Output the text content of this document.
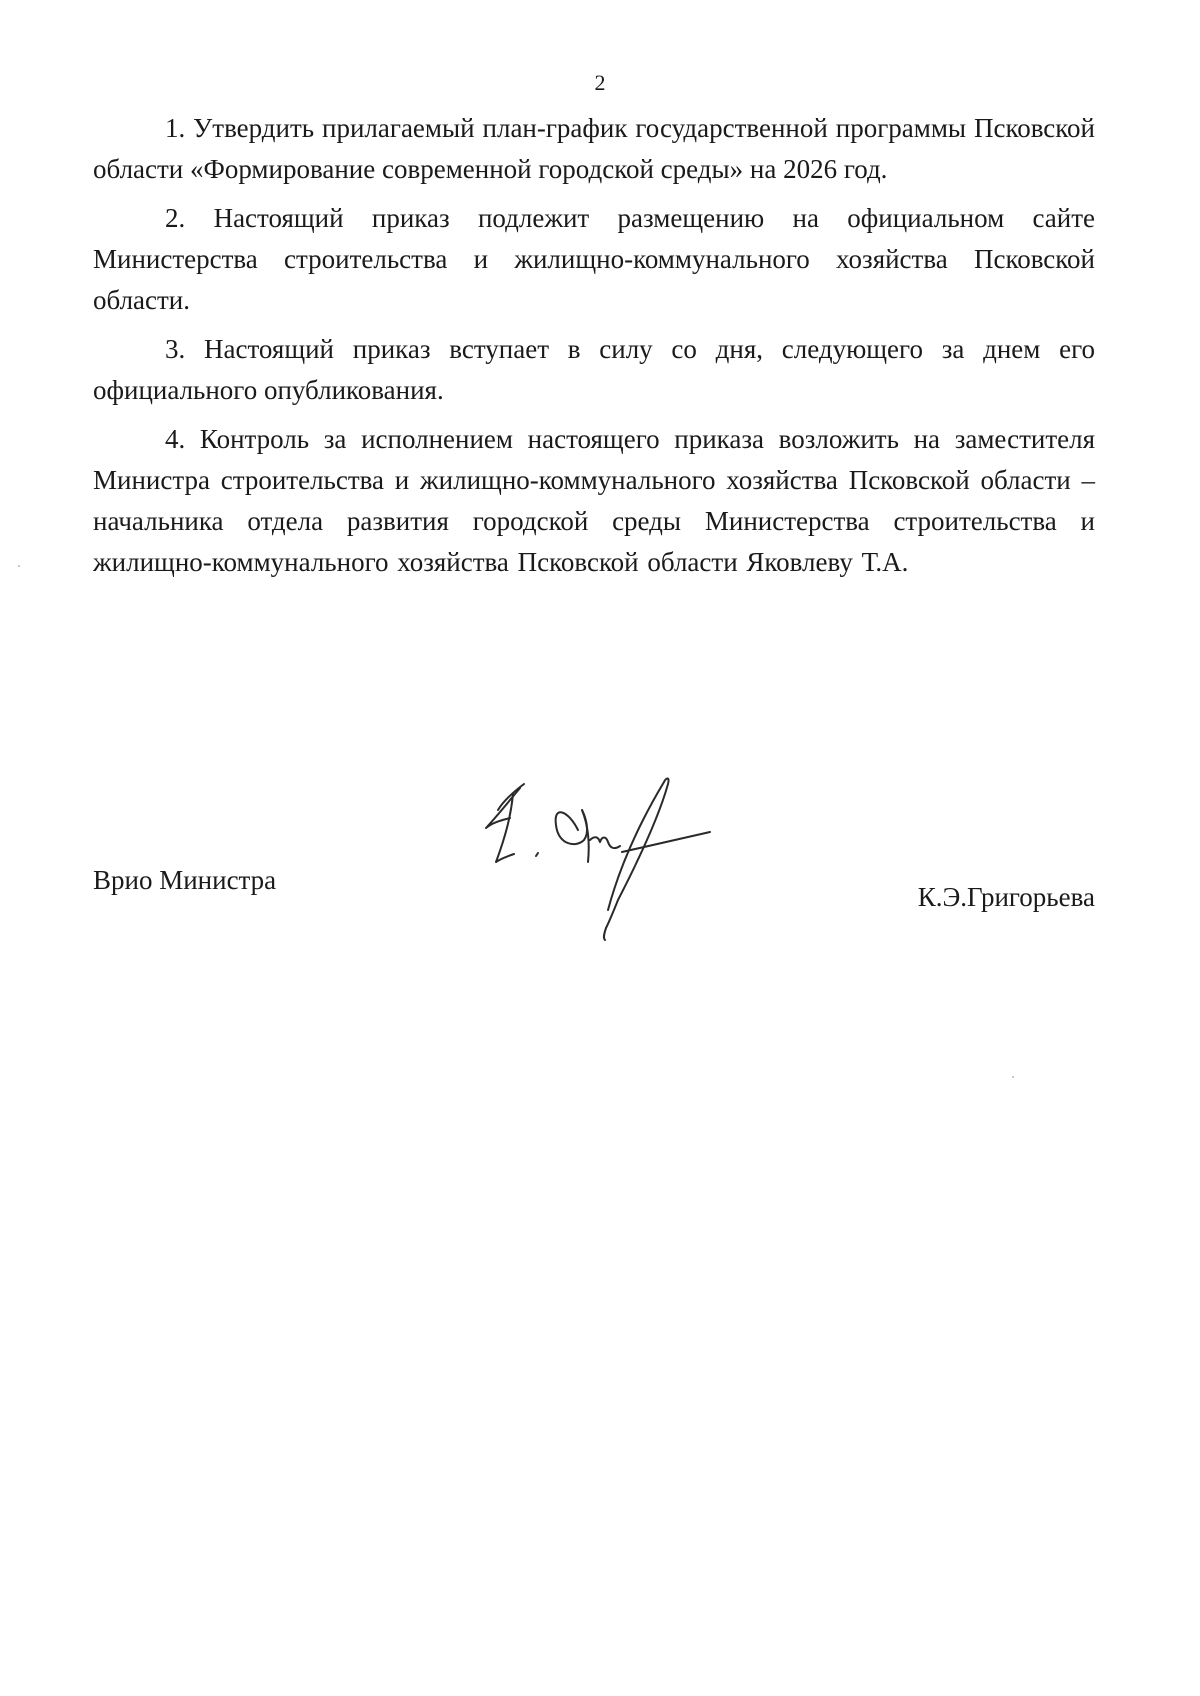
2

1. Утвердить прилагаемый план-график государственной программы Псковской области «Формирование современной городской среды» на 2026 год.

2. Настоящий приказ подлежит размещению на официальном сайте Министерства строительства и жилищно-коммунального хозяйства Псковской области.

3. Настоящий приказ вступает в силу со дня, следующего за днем его официального опубликования.

4. Контроль за исполнением настоящего приказа возложить на заместителя Министра строительства и жилищно-коммунального хозяйства Псковской области – начальника отдела развития городской среды Министерства строительства и жилищно-коммунального хозяйства Псковской области Яковлеву Т.А.

Врио Министра
К.Э.Григорьева
